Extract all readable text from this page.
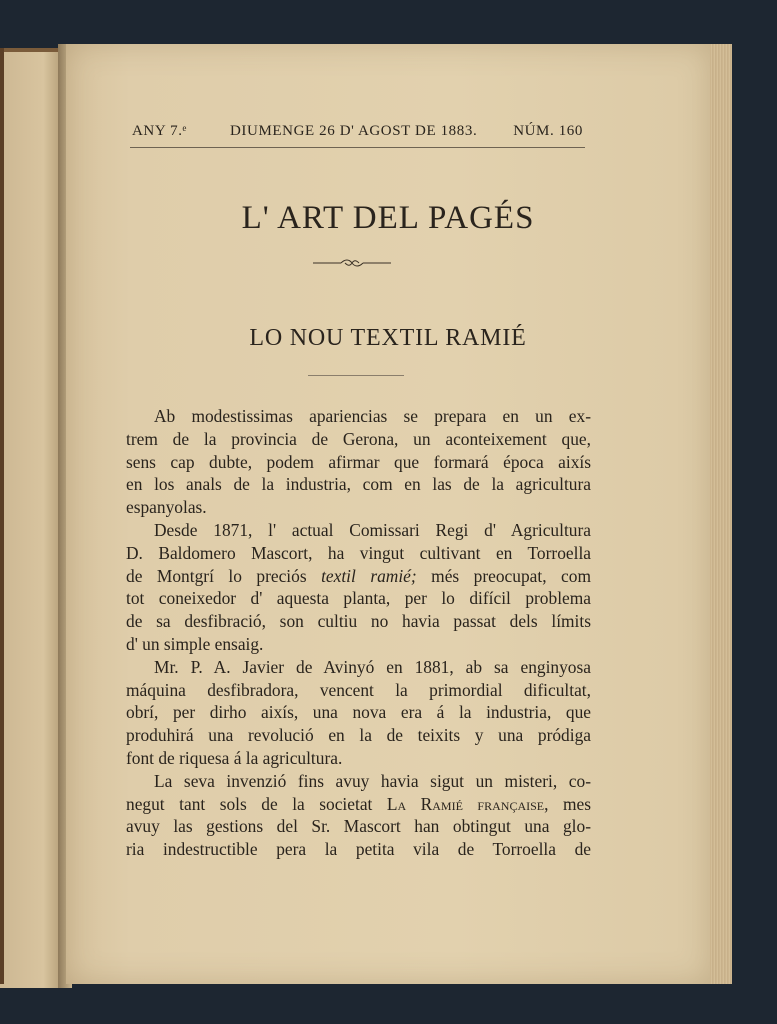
ANY 7.ᵉ	DIUMENGE 26 D' AGOST DE 1883. NÚM. 160
L' ART DEL PAGÉS
LO NOU TEXTIL RAMIÉ
Ab modestissimas apariencias se prepara en un ex-
trem de la provincia de Gerona, un aconteixement que,
sens cap dubte, podem afirmar que formará época aixís
en los anals de la industria, com en las de la agricultura
espanyolas.
Desde 1871, l' actual Comissari Regi d' Agricultura
D. Baldomero Mascort, ha vingut cultivant en Torroella
de Montgrí lo preciós textil ramié; més preocupat, com
tot coneixedor d' aquesta planta, per lo difícil problema
de sa desfibració, son cultiu no havia passat dels límits
d' un simple ensaig.
Mr. P. A. Javier de Avinyó en 1881, ab sa enginyosa
máquina desfibradora, vencent la primordial dificultat,
obrí, per dirho aixís, una nova era á la industria, que
produhirá una revolució en la de teixits y una pródiga
font de riquesa á la agricultura.
La seva invenzió fins avuy havia sigut un misteri, co-
negut tant sols de la societat La Ramié française, mes
avuy las gestions del Sr. Mascort han obtingut una glo-
ria indestructible pera la petita vila de Torroella de
